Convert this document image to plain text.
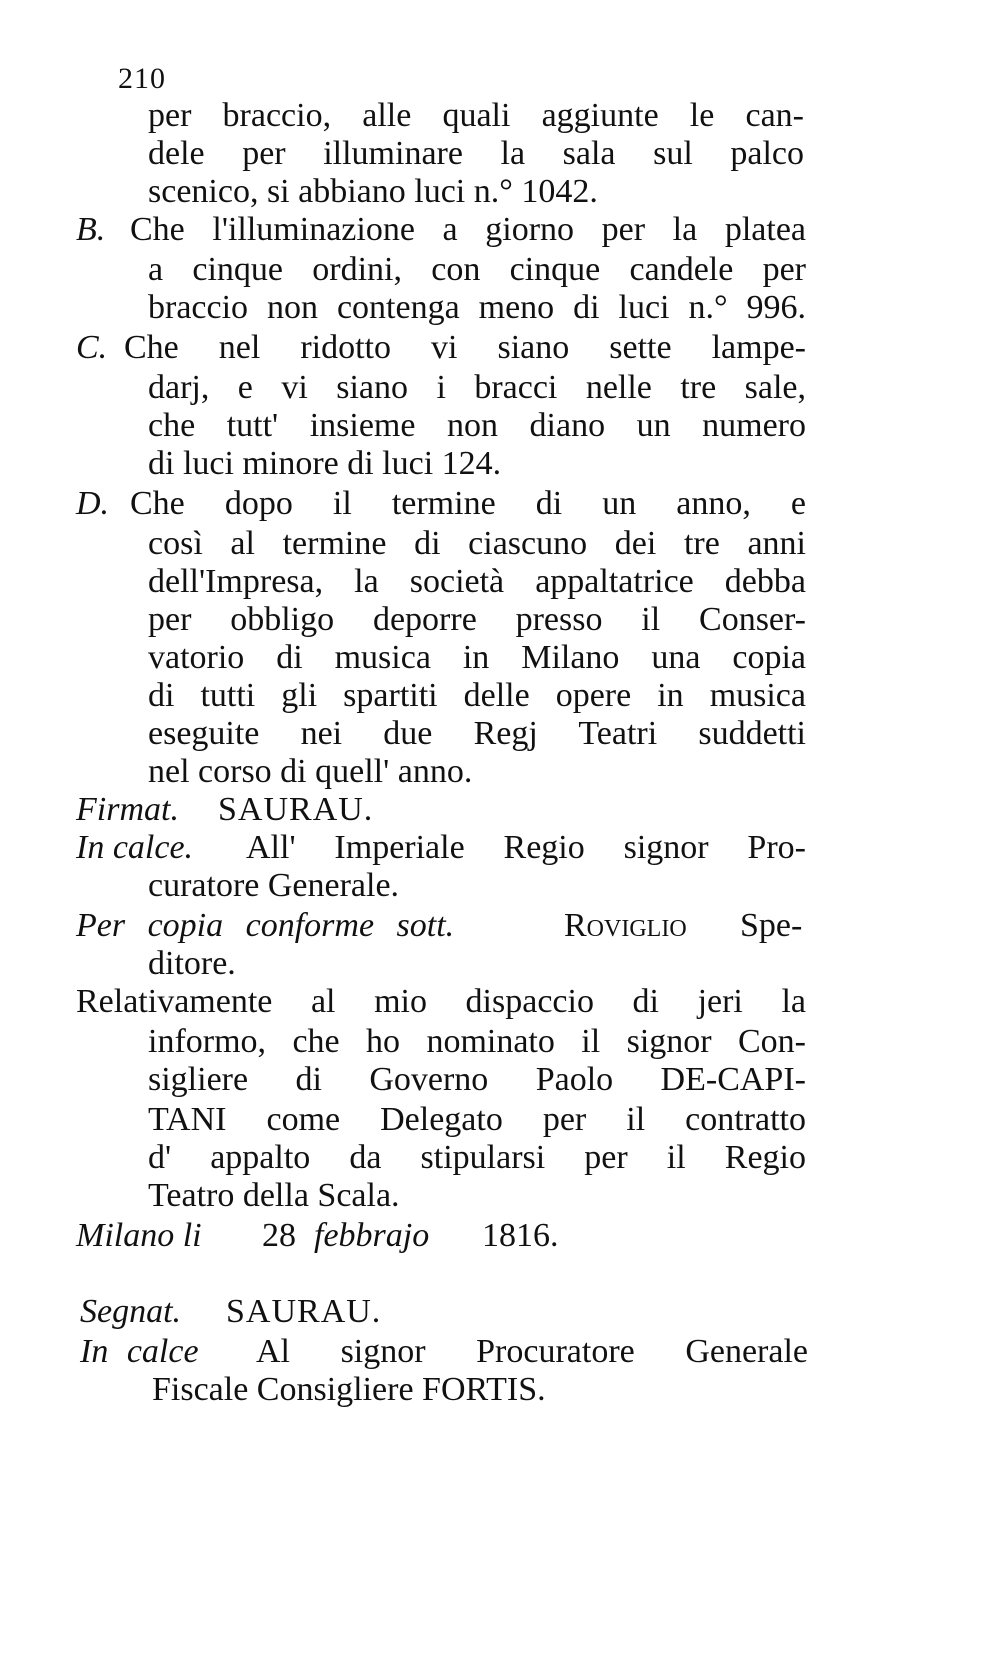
210
per braccio, alle quali aggiunte le can-
dele per illuminare la sala sul palco
scenico, si abbiano luci n.° 1042.
B. Che l'illuminazione a giorno per la platea
a cinque ordini, con cinque candele per
braccio non contenga meno di luci n.° 996.
C. Che nel ridotto vi siano sette lampe-
darj, e vi siano i bracci nelle tre sale,
che tutt' insieme non diano un numero
di luci minore di luci 124.
D. Che dopo il termine di un anno, e
così al termine di ciascuno dei tre anni
dell'Impresa, la società appaltatrice debba
per obbligo deporre presso il Conser-
vatorio di musica in Milano una copia
di tutti gli spartiti delle opere in musica
eseguite nei due Regj Teatri suddetti
nel corso di quell' anno.
Firmat. SAURAU.
In calce. All' Imperiale Regio signor Pro-
curatore Generale.
Per copia conforme sott.	Roviglio Spe-
ditore.
Relativamente al mio dispaccio di jeri la
informo, che ho nominato il signor Con-
sigliere di Governo Paolo DE-CAPI-
TANI come Delegato per il contratto
d' appalto da stipularsi per il Regio
Teatro della Scala.
Milano li 28 febbrajo 1816.
Segnat. SAURAU.
In calce Al signor Procuratore Generale
Fiscale Consigliere FORTIS.
